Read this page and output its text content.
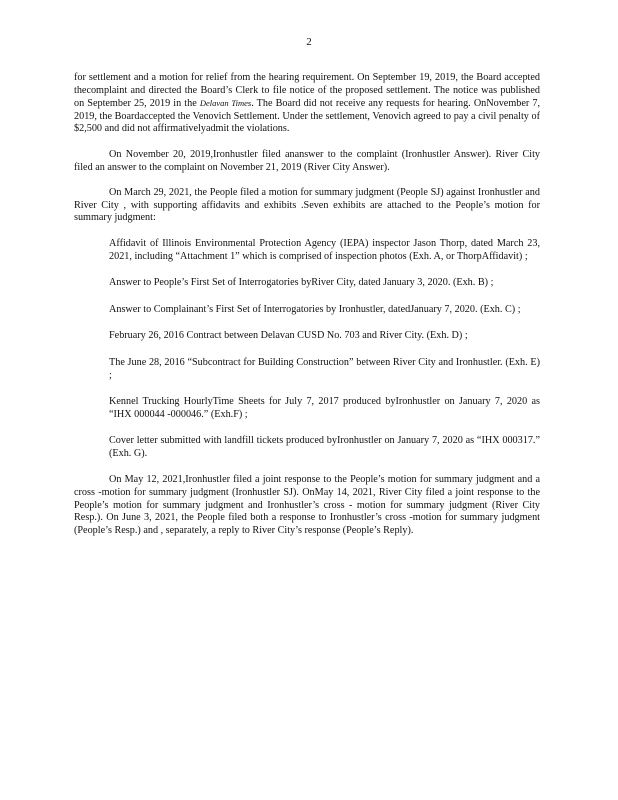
2

for settlement and a motion for relief from the hearing requirement. On September 19, 2019, the Board accepted thecomplaint and directed the Board’s Clerk to file notice of the proposed settlement. The notice was published on September 25, 2019 in the Delavan Times. The Board did not receive any requests for hearing. OnNovember 7, 2019, the Boardaccepted the Venovich Settlement. Under the settlement, Venovich agreed to pay a civil penalty of $2,500 and did not affirmativelyadmit the violations.

On November 20, 2019,Ironhustler filed ananswer to the complaint (Ironhustler Answer). River City filed an answer to the complaint on November 21, 2019 (River City Answer).

On March 29, 2021, the People filed a motion for summary judgment (People SJ) against Ironhustler and River City , with supporting affidavits and exhibits .Seven exhibits are attached to the People’s motion for summary judgment:

Affidavit of Illinois Environmental Protection Agency (IEPA) inspector Jason Thorp, dated March 23, 2021, including “Attachment 1” which is comprised of inspection photos (Exh. A, or ThorpAffidavit) ;
Answer to People’s First Set of Interrogatories byRiver City, dated January 3, 2020. (Exh. B) ;
Answer to Complainant’s First Set of Interrogatories by Ironhustler, datedJanuary 7, 2020. (Exh. C) ;
February 26, 2016 Contract between Delavan CUSD No. 703 and River City. (Exh. D) ;
The June 28, 2016 “Subcontract for Building Construction” between River City and Ironhustler. (Exh. E) ;
Kennel Trucking HourlyTime Sheets for July 7, 2017 produced byIronhustler on January 7, 2020 as “IHX 000044 -000046.” (Exh.F) ;
Cover letter submitted with landfill tickets produced byIronhustler on January 7, 2020 as “IHX 000317.” (Exh. G).

On May 12, 2021,Ironhustler filed a joint response to the People’s motion for summary judgment and a cross -motion for summary judgment (Ironhustler SJ). OnMay 14, 2021, River City filed a joint response to the People’s motion for summary judgment and Ironhustler’s cross - motion for summary judgment (River City Resp.). On June 3, 2021, the People filed both a response to Ironhustler’s cross -motion for summary judgment (People’s Resp.) and , separately, a reply to River City’s response (People’s Reply).
